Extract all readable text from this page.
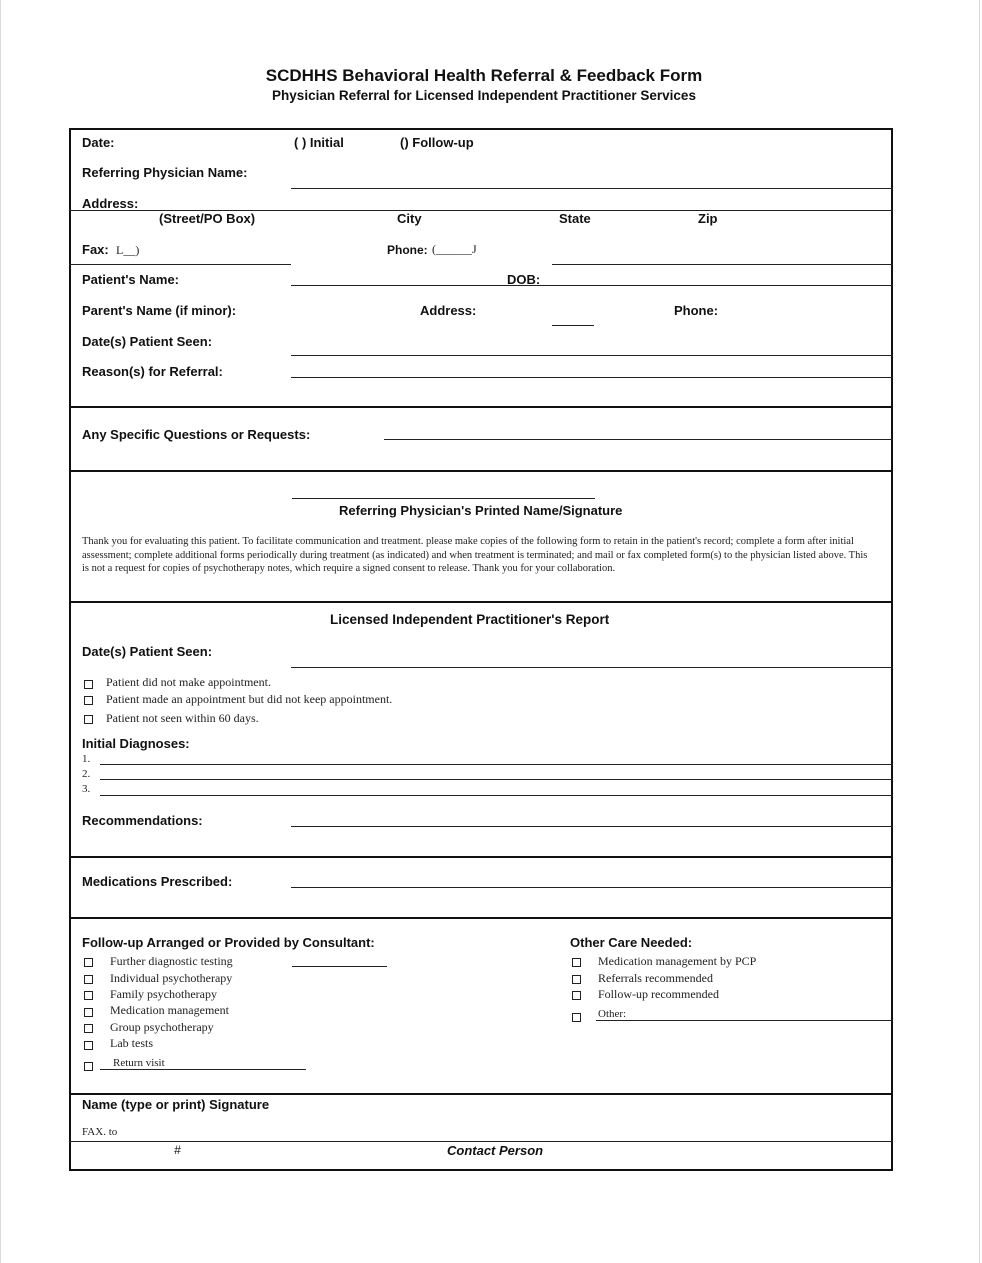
SCDHHS Behavioral Health Referral & Feedback Form
Physician Referral for Licensed Independent Practitioner Services
Date:	( ) Initial	() Follow-up
Referring Physician Name:
Address:
(Street/PO Box)	City	State	Zip
Fax: L__)	Phone: (______J
Patient's Name:	DOB:
Parent's Name (if minor):	Address:	Phone:
Date(s) Patient Seen:
Reason(s) for Referral:
Any Specific Questions or Requests:
Referring Physician's Printed Name/Signature
Thank you for evaluating this patient. To facilitate communication and treatment. please make copies of the following form to retain in the patient's record; complete a form after initial assessment; complete additional forms periodically during treatment (as indicated) and when treatment is terminated; and mail or fax completed form(s) to the physician listed above. This is not a request for copies of psychotherapy notes, which require a signed consent to release. Thank you for your collaboration.
Licensed Independent Practitioner's Report
Date(s) Patient Seen:
Patient did not make appointment.
Patient made an appointment but did not keep appointment.
Patient not seen within 60 days.
Initial Diagnoses:
1.
2.
3.
Recommendations:
Medications Prescribed:
Follow-up Arranged or Provided by Consultant:
Further diagnostic testing
Individual psychotherapy
Family psychotherapy
Medication management
Group psychotherapy
Lab tests
Return visit
Other Care Needed:
Medication management by PCP
Referrals recommended
Follow-up recommended
Other:
Name (type or print) Signature
FAX. to
#	Contact Person
